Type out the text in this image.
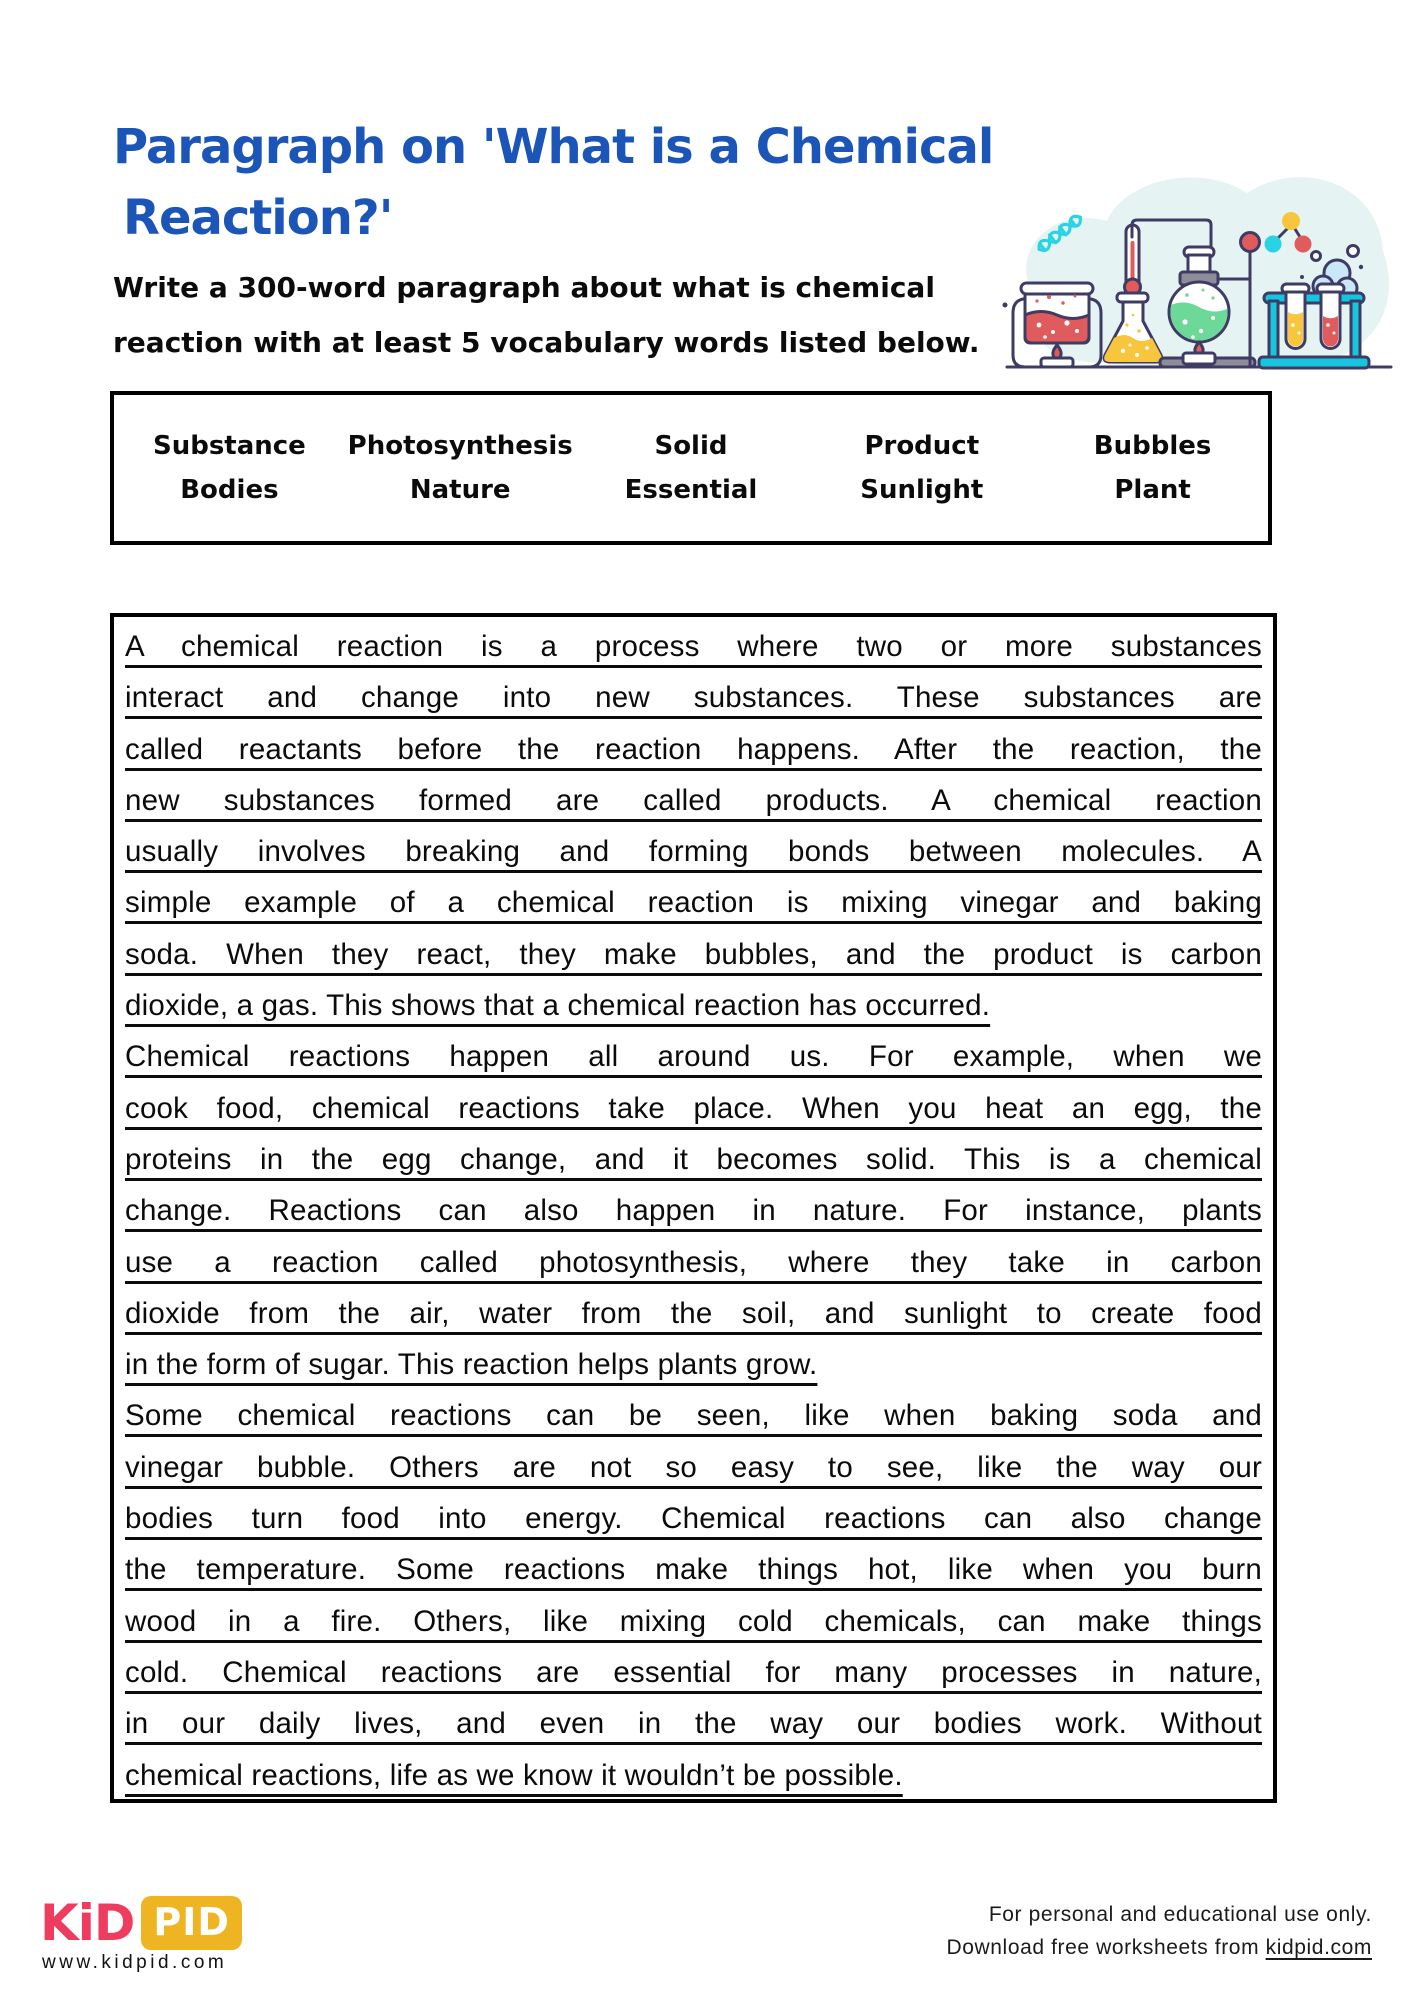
Paragraph on 'What is a Chemical
Reaction?'
Write a 300-word paragraph about what is chemical
reaction with at least 5 vocabulary words listed below.
Substance	Photosynthesis	Solid	Product	Bubbles
Bodies	Nature	Essential	Sunlight	Plant
A chemical reaction is a process where two or more substances
interact and change into new substances. These substances are
called reactants before the reaction happens. After the reaction, the
new substances formed are called products. A chemical reaction
usually involves breaking and forming bonds between molecules. A
simple example of a chemical reaction is mixing vinegar and baking
soda. When they react, they make bubbles, and the product is carbon
dioxide, a gas. This shows that a chemical reaction has occurred.
Chemical reactions happen all around us. For example, when we
cook food, chemical reactions take place. When you heat an egg, the
proteins in the egg change, and it becomes solid. This is a chemical
change. Reactions can also happen in nature. For instance, plants
use a reaction called photosynthesis, where they take in carbon
dioxide from the air, water from the soil, and sunlight to create food
in the form of sugar. This reaction helps plants grow.
Some chemical reactions can be seen, like when baking soda and
vinegar bubble. Others are not so easy to see, like the way our
bodies turn food into energy. Chemical reactions can also change
the temperature. Some reactions make things hot, like when you burn
wood in a fire. Others, like mixing cold chemicals, can make things
cold. Chemical reactions are essential for many processes in nature,
in our daily lives, and even in the way our bodies work. Without
chemical reactions, life as we know it wouldn’t be possible.
KiD PID
www.kidpid.com
For personal and educational use only.
Download free worksheets from kidpid.com
